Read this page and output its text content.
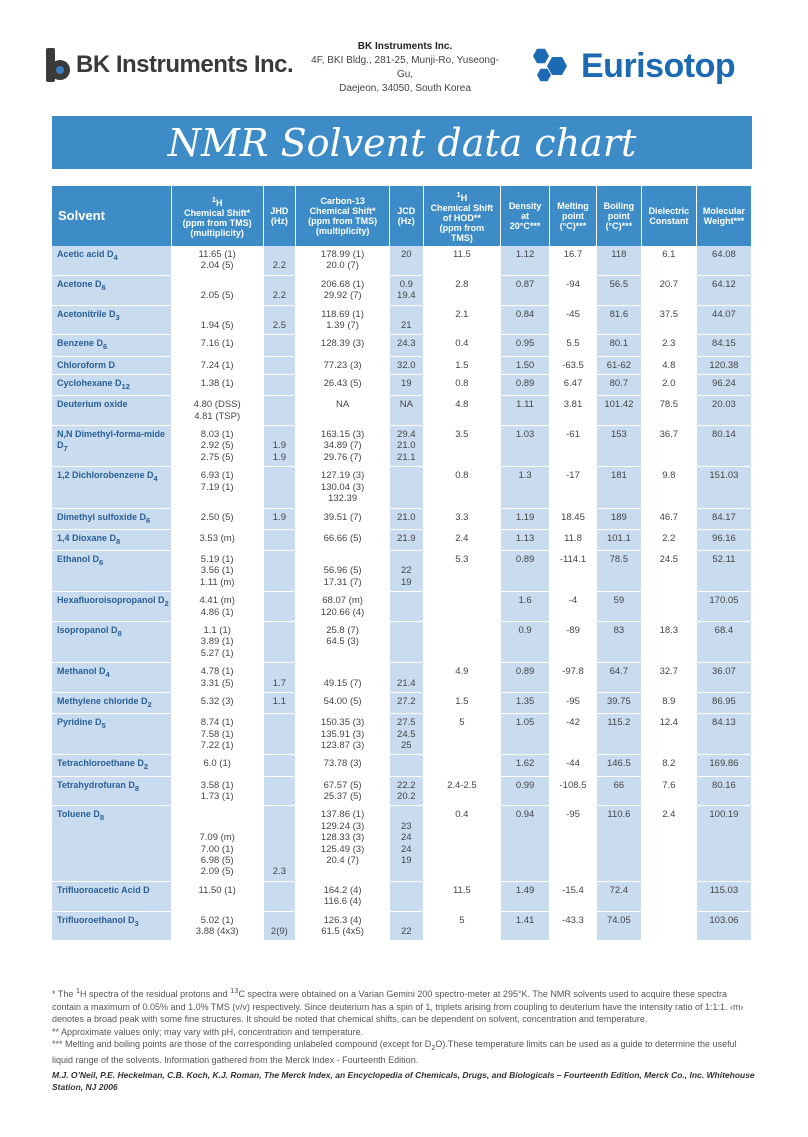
BK Instruments Inc.
BK Instruments Inc.
4F, BKI Bldg., 281-25, Munji-Ro, Yuseong-Gu,
Daejeon, 34050, South Korea
Eurisotop
NMR Solvent data chart
Solvent	$^1$H
Chemical Shift*
(ppm from TMS)
(multiplicity)	JHD
(Hz)	Carbon-13
Chemical Shift*
(ppm from TMS)
(multiplicity)	JCD
(Hz)	$^1$H
Chemical Shift
of HOD**
(ppm from
TMS)	Density
at
20°C***	Melting
point
(°C)***	Boiling
point
(°C)***	Dielectric
Constant	Molecular
Weight***
Acetic acid $D_4$	11.65 (1)
2.04 (5)	2.2	178.99 (1)
20.0 (7)	20	11.5	1.12	16.7	118	6.1	64.08
Acetone $D_6$	2.05 (5)	2.2	206.68 (1)
29.92 (7)	0.9
19.4	2.8	0.87	-94	56.5	20.7	64.12
Acetonitrile $D_3$	1.94 (5)	2.5	118.69 (1)
1.39 (7)	21	2.1	0.84	-45	81.6	37.5	44.07
Benzene $D_6$	7.16 (1)		128.39 (3)	24.3	0.4	0.95	5.5	80.1	2.3	84.15
Chloroform D	7.24 (1)		77.23 (3)	32.0	1.5	1.50	-63.5	61-62	4.8	120.38
Cyclohexane $D_{12}$	1.38 (1)		26.43 (5)	19	0.8	0.89	6.47	80.7	2.0	96.24
Deuterium oxide	4.80 (DSS)
4.81 (TSP)		NA	NA	4.8	1.11	3.81	101.42	78.5	20.03
N,N Dimethyl-forma-mide $D_7$	8.03 (1)
2.92 (5)
2.75 (5)	1.9
1.9	163.15 (3)
34.89 (7)
29.76 (7)	29.4
21.0
21.1	3.5	1.03	-61	153	36.7	80.14
1,2 Dichlorobenzene $D_4$	6.93 (1)
7.19 (1)		127.19 (3)
130.04 (3)
132.39		0.8	1.3	-17	181	9.8	151.03
Dimethyl sulfoxide $D_6$	2.50 (5)	1.9	39.51 (7)	21.0	3.3	1.19	18.45	189	46.7	84.17
1,4 Dioxane $D_8$	3.53 (m)		66.66 (5)	21.9	2.4	1.13	11.8	101.1	2.2	96.16
Ethanol $D_6$	5.19 (1)
3.56 (1)
1.11 (m)		56.96 (5)
17.31 (7)	22
19	5.3	0.89	-114.1	78.5	24.5	52.11
Hexafluoroisopropanol $D_2$	4.41 (m)
4.86 (1)		68.07 (m)
120.66 (4)			1.6	-4	59		170.05
Isopropanol $D_8$	1.1 (1)
3.89 (1)
5.27 (1)		25.8 (7)
64.5 (3)			0.9	-89	83	18.3	68.4
Methanol $D_4$	4.78 (1)
3.31 (5)	1.7	49.15 (7)	21.4	4.9	0.89	-97.8	64.7	32.7	36.07
Methylene chloride $D_2$	5.32 (3)	1.1	54.00 (5)	27.2	1.5	1.35	-95	39.75	8.9	86.95
Pyridine $D_5$	8.74 (1)
7.58 (1)
7.22 (1)		150.35 (3)
135.91 (3)
123.87 (3)	27.5
24.5
25	5	1.05	-42	115.2	12.4	84.13
Tetrachloroethane $D_2$	6.0 (1)		73.78 (3)			1.62	-44	146.5	8.2	169.86
Tetrahydrofuran $D_8$	3.58 (1)
1.73 (1)		67.57 (5)
25.37 (5)	22.2
20.2	2.4-2.5	0.99	-108.5	66	7.6	80.16
Toluene $D_8$	7.09 (m)
7.00 (1)
6.98 (5)
2.09 (5)	2.3	137.86 (1)
129.24 (3)
128.33 (3)
125.49 (3)
20.4 (7)	23
24
24
19	0.4	0.94	-95	110.6	2.4	100.19
Trifluoroacetic Acid D	11.50 (1)		164.2 (4)
116.6 (4)		11.5	1.49	-15.4	72.4		115.03
Trifluoroethanol $D_3$	5.02 (1)
3.88 (4x3)	2(9)	126.3 (4)
61.5 (4x5)	22	5	1.41	-43.3	74.05		103.06

* The $^1$H spectra of the residual protons and $^{13}$C spectra were obtained on a Varian Gemini 200 spectro-meter at 295°K. The NMR solvents used to acquire these spectra contain a maximum of 0.05% and 1.0% TMS (v/v) respectively. Since deuterium has a spin of 1, triplets arising from coupling to deuterium have the intensity ratio of 1:1:1. ‹m› denotes a broad peak with some fine structures. It should be noted that chemical shifts, can be dependent on solvent, concentration and temperature.

** Approximate values only; may vary with pH, concentration and temperature.

*** Melting and boiling points are those of the corresponding unlabeled compound (except for $D_2O).These$ temperature limits can be used as a guide to determine the useful liquid range of the solvents. Information gathered from the Merck Index - Fourteenth Edition.

M.J. O’Neil, P.E. Heckelman, C.B. Koch, K.J. Roman, The Merck Index, an Encyclopedia of Chemicals, Drugs, and Biologicals – Fourteenth Edition, Merck Co., Inc. Whitehouse Station, NJ 2006
